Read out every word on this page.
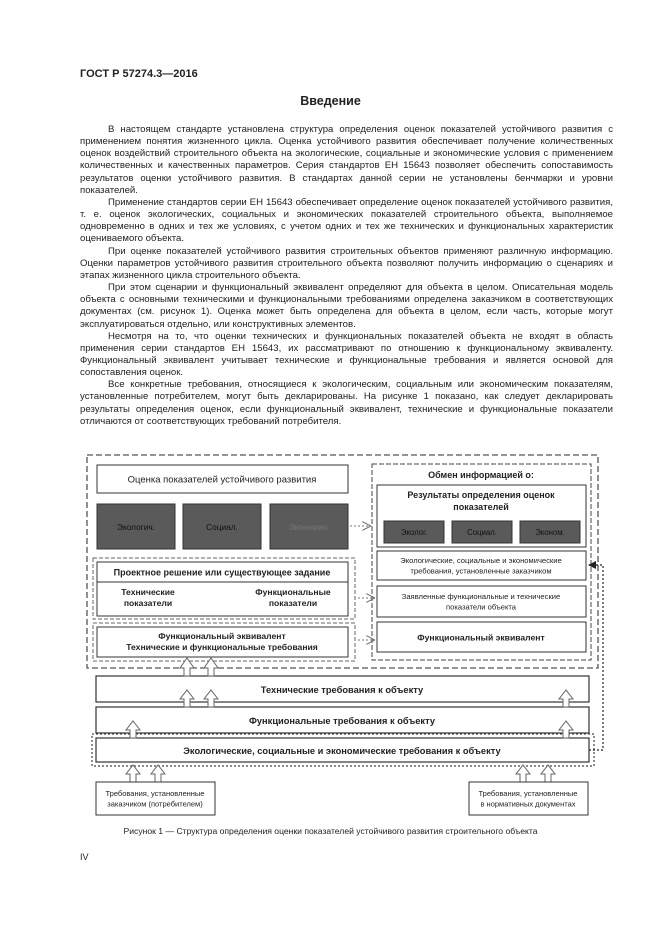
ГОСТ Р 57274.3—2016
Введение

В настоящем стандарте установлена структура определения оценок показателей устойчивого развития с применением понятия жизненного цикла. Оценка устойчивого развития обеспечивает получение количественных оценок воздействий строительного объекта на экологические, социальные и экономические условия с применением количественных и качественных параметров. Серия стандартов ЕН 15643 позволяет обеспечить сопоставимость результатов оценки устойчивого развития. В стандартах данной серии не установлены бенчмарки и уровни показателей.

Применение стандартов серии ЕН 15643 обеспечивает определение оценок показателей устойчивого развития, т. е. оценок экологических, социальных и экономических показателей строительного объекта, выполняемое одновременно в одних и тех же условиях, с учетом одних и тех же технических и функциональных характеристик оцениваемого объекта.

При оценке показателей устойчивого развития строительных объектов применяют различную информацию. Оценки параметров устойчивого развития строительного объекта позволяют получить информацию о сценариях и этапах жизненного цикла строительного объекта.

При этом сценарии и функциональный эквивалент определяют для объекта в целом. Описательная модель объекта с основными техническими и функциональными требованиями определена заказчиком в соответствующих документах (см. рисунок 1). Оценка может быть определена для объекта в целом, если часть, которые могут эксплуатироваться отдельно, или конструктивных элементов.

Несмотря на то, что оценки технических и функциональных показателей объекта не входят в область применения серии стандартов ЕН 15643, их рассматривают по отношению к функциональному эквиваленту. Функциональный эквивалент учитывает технические и функциональные требования и является основой для сопоставления оценок.

Все конкретные требования, относящиеся к экологическим, социальным или экономическим показателям, установленные потребителем, могут быть декларированы. На рисунке 1 показано, как следует декларировать результаты определения оценок, если функциональный эквивалент, технические и функциональные показатели отличаются от соответствующих требований потребителя.

Оценка показателей устойчивого развития
Экологич.	Социал.	Экономич.
Проектное решение или существующее задание
Технические
показатели
Функциональные
показатели
Функциональный эквивалент
Технические и функциональные требования
Обмен информацией о:
Результаты определения оценок
показателей
Эколог.	Социал.	Эконом.
Экологические, социальные и экономические
требования, установленные заказчиком
Заявленные функциональные и технические
показатели объекта
Функциональный эквивалент
Технические требования к объекту
Функциональные требования к объекту
Экологические, социальные и экономические требования к объекту
Требования, установленные
заказчиком (потребителем)
Требования, установленные
в нормативных документах
Рисунок 1 — Структура определения оценки показателей устойчивого развития строительного объекта
IV
